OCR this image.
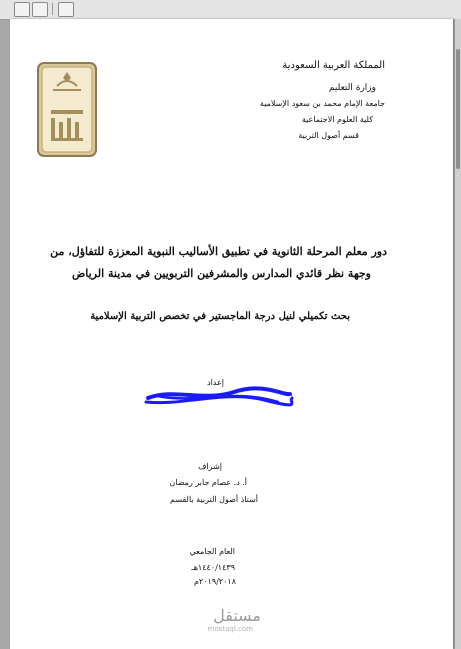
المملكة العربية السعودية
وزارة التعليم
جامعة الإمام محمد بن سعود الإسلامية
كلية العلوم الاجتماعية
قسم أصول التربية
دور معلم المرحلة الثانوية في تطبيق الأساليب النبوية المعززة للتفاؤل، من
وجهة نظر قائدي المدارس والمشرفين التربويين في مدينة الرياض
بحث تكميلي لنيل درجة الماجستير في تخصص التربية الإسلامية
إعداد
إشراف
أ. د. عصام جابر رمضان
أستاذ أصول التربية بالقسم
العام الجامعي
١٤٤٠/١٤٣٩هـ
٢٠١٩/٢٠١٨م
مستقل
mostaql.com
